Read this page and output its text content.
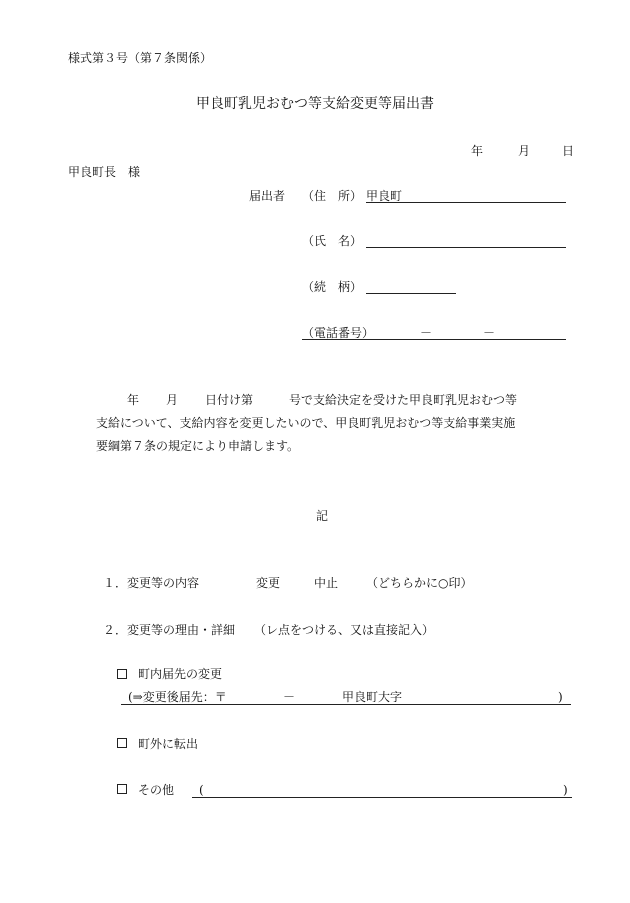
様式第３号（第７条関係）
甲良町乳児おむつ等支給変更等届出書
年	月	日
甲良町長　様
届出者 （住　所） 甲良町
（氏　名）
（続　柄）
（電話番号）	－	－
年 月 日付け第	号で支給決定を受けた甲良町乳児おむつ等
支給について、支給内容を変更したいので、甲良町乳児おむつ等支給事業実施
要綱第７条の規定により申請します。
記
１．変更等の内容	変更	中止 （どちらかに○印）
２．変更等の理由・詳細 （レ点をつける、又は直接記入）
町内届先の変更
(⇒変更後届先：〒	－	甲良町大字	)
町外に転出
その他 (	)
